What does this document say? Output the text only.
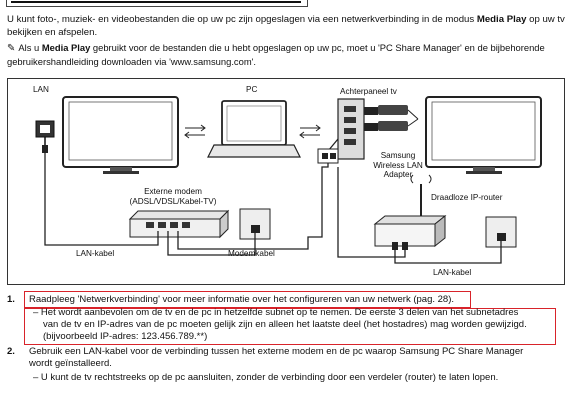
U kunt foto-, muziek- en videobestanden die op uw pc zijn opgeslagen via een netwerkverbinding in de modus Media Play op uw tv bekijken en afspelen.
✎ Als u Media Play gebruikt voor de bestanden die u hebt opgeslagen op uw pc, moet u 'PC Share Manager' en de bijbehorende gebruikershandleiding downloaden via 'www.samsung.com'.
LAN	PC	Achterpaneel tv
Samsung
Wireless LAN
Adapter
Externe modem
(ADSL/VDSL/Kabel-TV)	Draadloze IP-router
LAN-kabel	Modemkabel
LAN-kabel
1. Raadpleeg 'Netwerkverbinding' voor meer informatie over het configureren van uw netwerk (pag. 28).
– Het wordt aanbevolen om de tv en de pc in hetzelfde subnet op te nemen. De eerste 3 delen van het subnetadres
van de tv en IP-adres van de pc moeten gelijk zijn en alleen het laatste deel (het hostadres) mag worden gewijzigd.
(bijvoorbeeld IP-adres: 123.456.789.**)
2. Gebruik een LAN-kabel voor de verbinding tussen het externe modem en de pc waarop Samsung PC Share Manager
wordt geïnstalleerd.
– U kunt de tv rechtstreeks op de pc aansluiten, zonder de verbinding door een verdeler (router) te laten lopen.
